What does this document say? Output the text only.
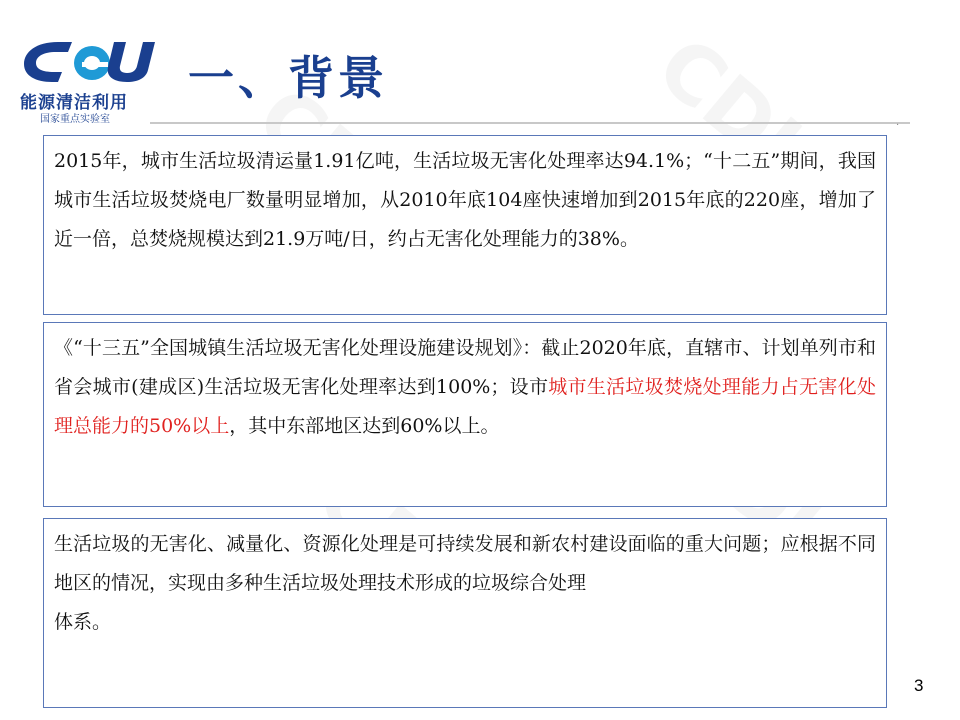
能源清洁利用
国家重点实验室
一、背景
·
2015年，城市生活垃圾清运量1.91亿吨，生活垃圾无害化处理率达94.1%；“十二五”期间，我国城市生活垃圾焚烧电厂数量明显增加，从2010年底104座快速增加到2015年底的220座，增加了近一倍，总焚烧规模达到21.9万吨/日，约占无害化处理能力的38%。
《“十三五”全国城镇生活垃圾无害化处理设施建设规划》：截止2020年底，直辖市、计划单列市和省会城市(建成区)生活垃圾无害化处理率达到100%；设市城市生活垃圾焚烧处理能力占无害化处理总能力的50%以上，其中东部地区达到60%以上。
生活垃圾的无害化、减量化、资源化处理是可持续发展和新农村建设面临的重大问题；应根据不同地区的情况，实现由多种生活垃圾处理技术形成的垃圾综合处理
体系。
3
